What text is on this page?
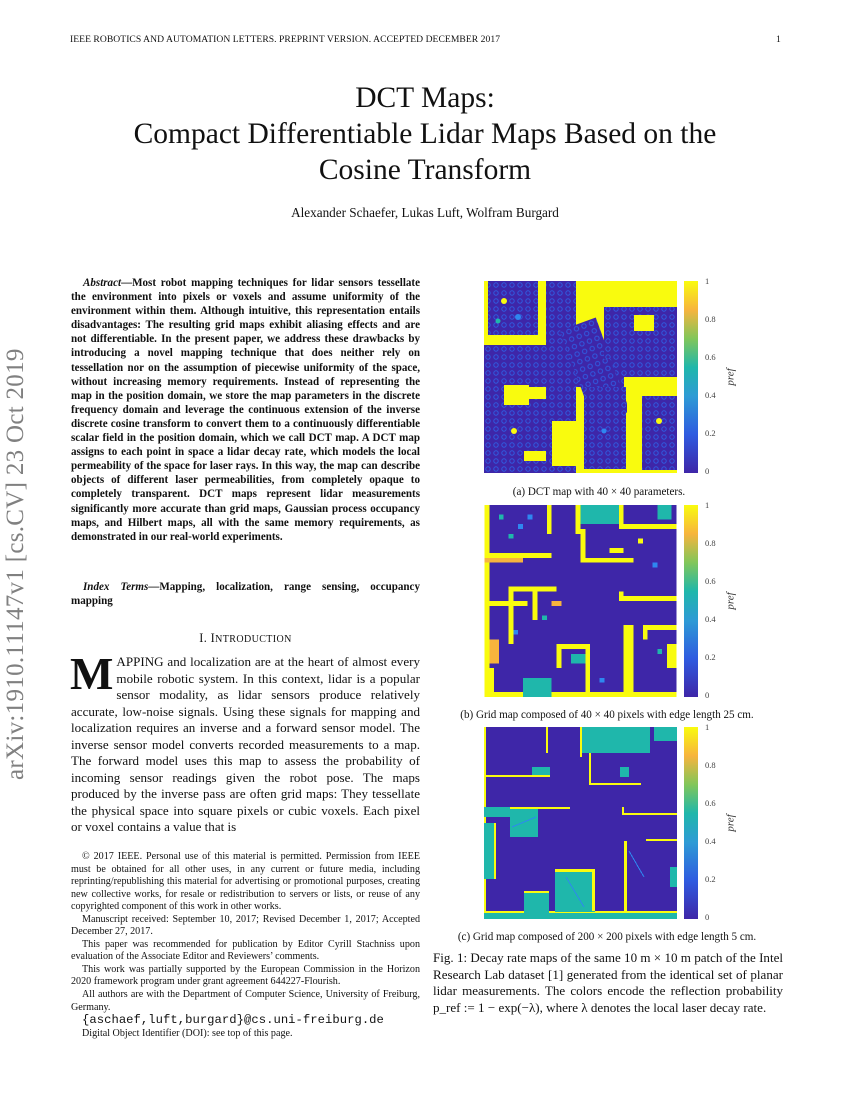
IEEE ROBOTICS AND AUTOMATION LETTERS. PREPRINT VERSION. ACCEPTED DECEMBER 2017	1
arXiv:1910.11147v1 [cs.CV] 23 Oct 2019
DCT Maps:
Compact Differentiable Lidar Maps Based on the
Cosine Transform
Alexander Schaefer, Lukas Luft, Wolfram Burgard
Abstract—Most robot mapping techniques for lidar sensors tessellate the environment into pixels or voxels and assume uniformity of the environment within them. Although intuitive, this representation entails disadvantages: The resulting grid maps exhibit aliasing effects and are not differentiable. In the present paper, we address these drawbacks by introducing a novel mapping technique that does neither rely on tessellation nor on the assumption of piecewise uniformity of the space, without increasing memory requirements. Instead of representing the map in the position domain, we store the map parameters in the discrete frequency domain and leverage the continuous extension of the inverse discrete cosine transform to convert them to a continuously differentiable scalar field in the position domain, which we call DCT map. A DCT map assigns to each point in space a lidar decay rate, which models the local permeability of the space for laser rays. In this way, the map can describe objects of different laser permeabilities, from completely opaque to completely transparent. DCT maps represent lidar measurements significantly more accurate than grid maps, Gaussian process occupancy maps, and Hilbert maps, all with the same memory requirements, as demonstrated in our real-world experiments.
Index Terms—Mapping, localization, range sensing, occupancy mapping
I. INTRODUCTION
MAPPING and localization are at the heart of almost every mobile robotic system. In this context, lidar is a popular sensor modality, as lidar sensors produce relatively accurate, low-noise signals. Using these signals for mapping and localization requires an inverse and a forward sensor model. The inverse sensor model converts recorded measurements to a map. The forward model uses this map to assess the probability of incoming sensor readings given the robot pose. The maps produced by the inverse pass are often grid maps: They tessellate the physical space into square pixels or cubic voxels. Each pixel or voxel contains a value that is

© 2017 IEEE. Personal use of this material is permitted. Permission from IEEE must be obtained for all other uses, in any current or future media, including reprinting/republishing this material for advertising or promotional purposes, creating new collective works, for resale or redistribution to servers or lists, or reuse of any copyrighted component of this work in other works.

Manuscript received: September 10, 2017; Revised December 1, 2017; Accepted December 27, 2017.

This paper was recommended for publication by Editor Cyrill Stachniss upon evaluation of the Associate Editor and Reviewers’ comments.

This work was partially supported by the European Commission in the Horizon 2020 framework program under grant agreement 644227-Flourish.

All authors are with the Department of Computer Science, University of Freiburg, Germany.

{aschaef,luft,burgard}@cs.uni-freiburg.de

Digital Object Identifier (DOI): see top of this page.

1
0.8
0.6
0.4
0.2
0
pref
(a) DCT map with 40 × 40 parameters.
1
0.8
0.6
0.4
0.2
0
pref
(b) Grid map composed of 40 × 40 pixels with edge length 25 cm.
1
0.8
0.6
0.4
0.2
0
pref
(c) Grid map composed of 200 × 200 pixels with edge length 5 cm.
Fig. 1: Decay rate maps of the same 10 m × 10 m patch of the Intel Research Lab dataset [1] generated from the identical set of planar lidar measurements. The colors encode the reflection probability p_ref := 1 − exp(−λ), where λ denotes the local laser decay rate.
